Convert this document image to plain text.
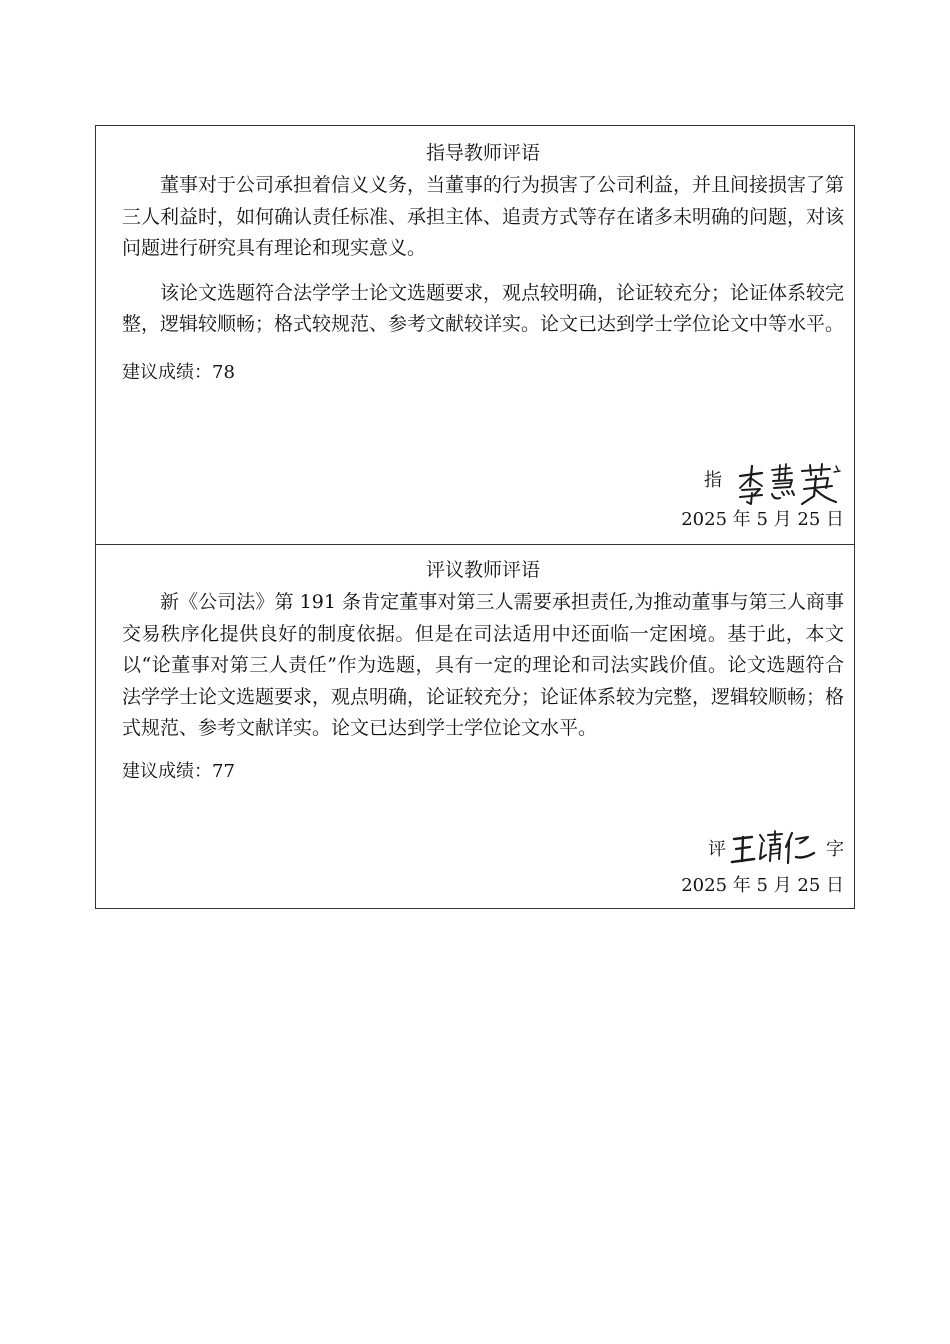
指导教师评语

董事对于公司承担着信义义务，当董事的行为损害了公司利益，并且间接损害了第三人利益时，如何确认责任标准、承担主体、追责方式等存在诸多未明确的问题，对该问题进行研究具有理论和现实意义。

该论文选题符合法学学士论文选题要求，观点较明确，论证较充分；论证体系较完整，逻辑较顺畅；格式较规范、参考文献较详实。论文已达到学士学位论文中等水平。

建议成绩：78
指
2025 年 5 月 25 日
评议教师评语

新《公司法》第 191 条肯定董事对第三人需要承担责任,为推动董事与第三人商事交易秩序化提供良好的制度依据。但是在司法适用中还面临一定困境。基于此，本文以“论董事对第三人责任”作为选题，具有一定的理论和司法实践价值。论文选题符合法学学士论文选题要求，观点明确，论证较充分；论证体系较为完整，逻辑较顺畅；格式规范、参考文献详实。论文已达到学士学位论文水平。

建议成绩：77
评	字
2025 年 5 月 25 日
